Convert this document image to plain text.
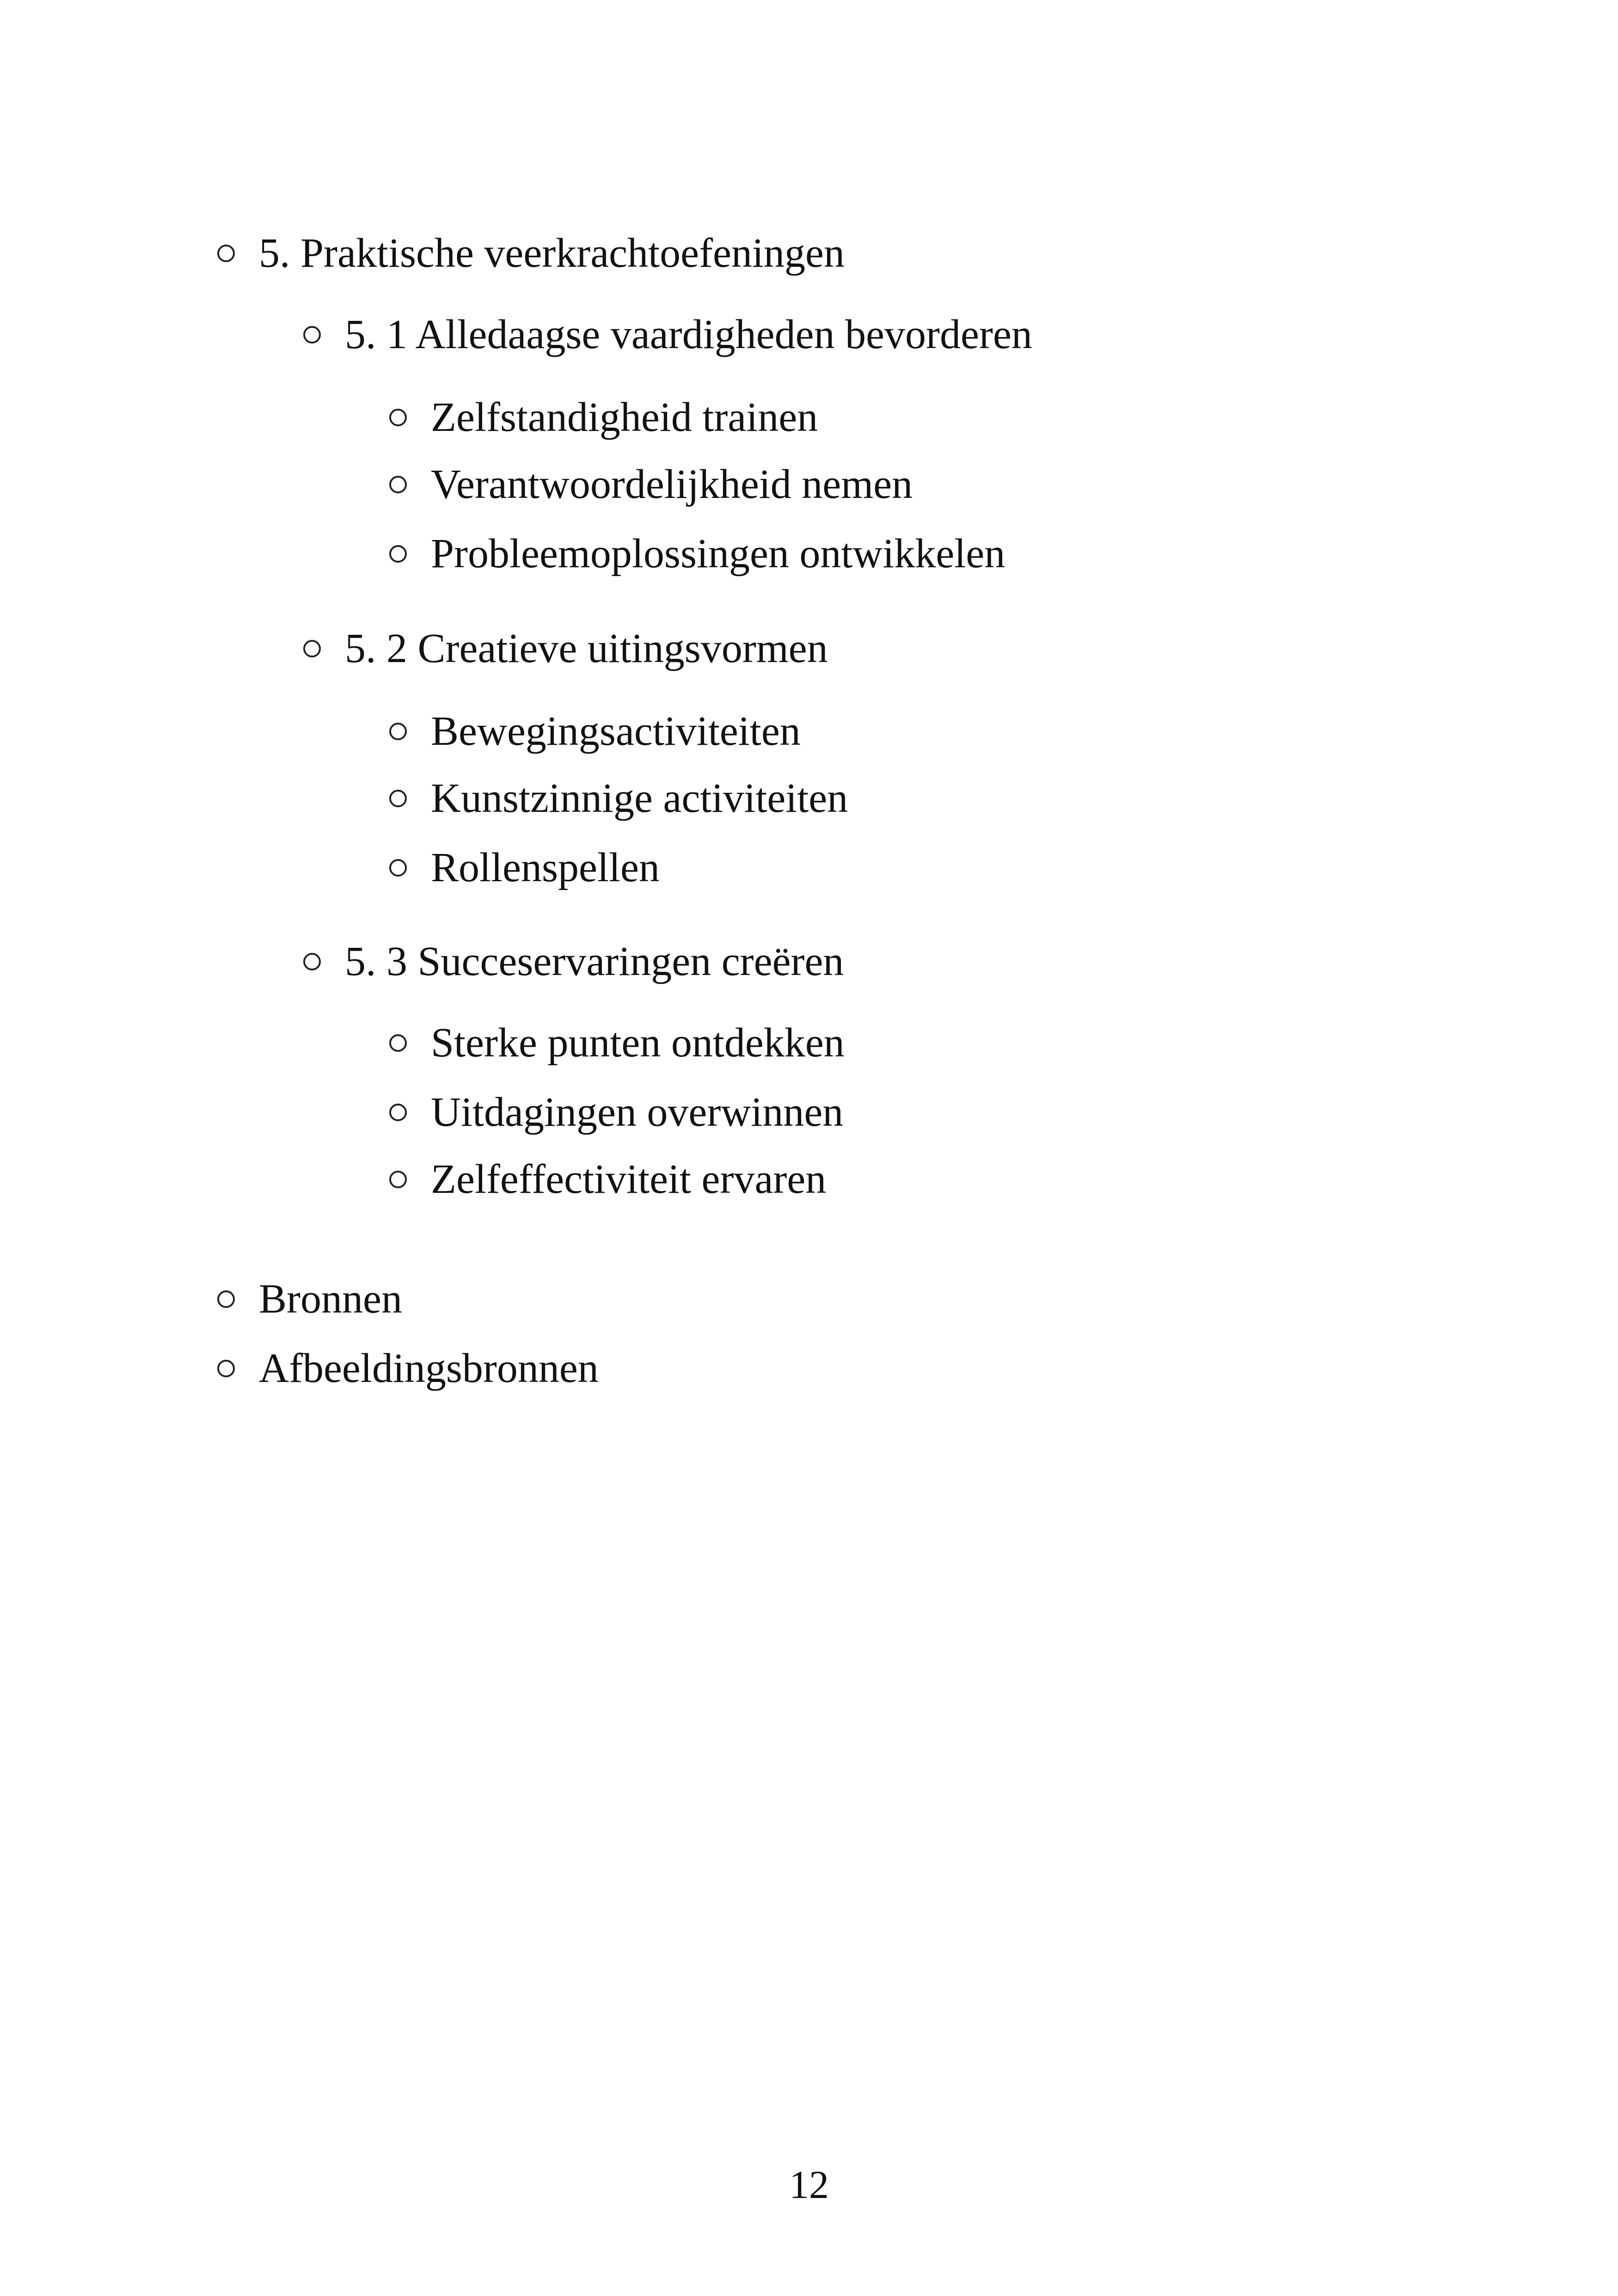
5. Praktische veerkrachtoefeningen
5. 1 Alledaagse vaardigheden bevorderen
Zelfstandigheid trainen
Verantwoordelijkheid nemen
Probleemoplossingen ontwikkelen
5. 2 Creatieve uitingsvormen
Bewegingsactiviteiten
Kunstzinnige activiteiten
Rollenspellen
5. 3 Succeservaringen creëren
Sterke punten ontdekken
Uitdagingen overwinnen
Zelfeffectiviteit ervaren
Bronnen
Afbeeldingsbronnen
12
